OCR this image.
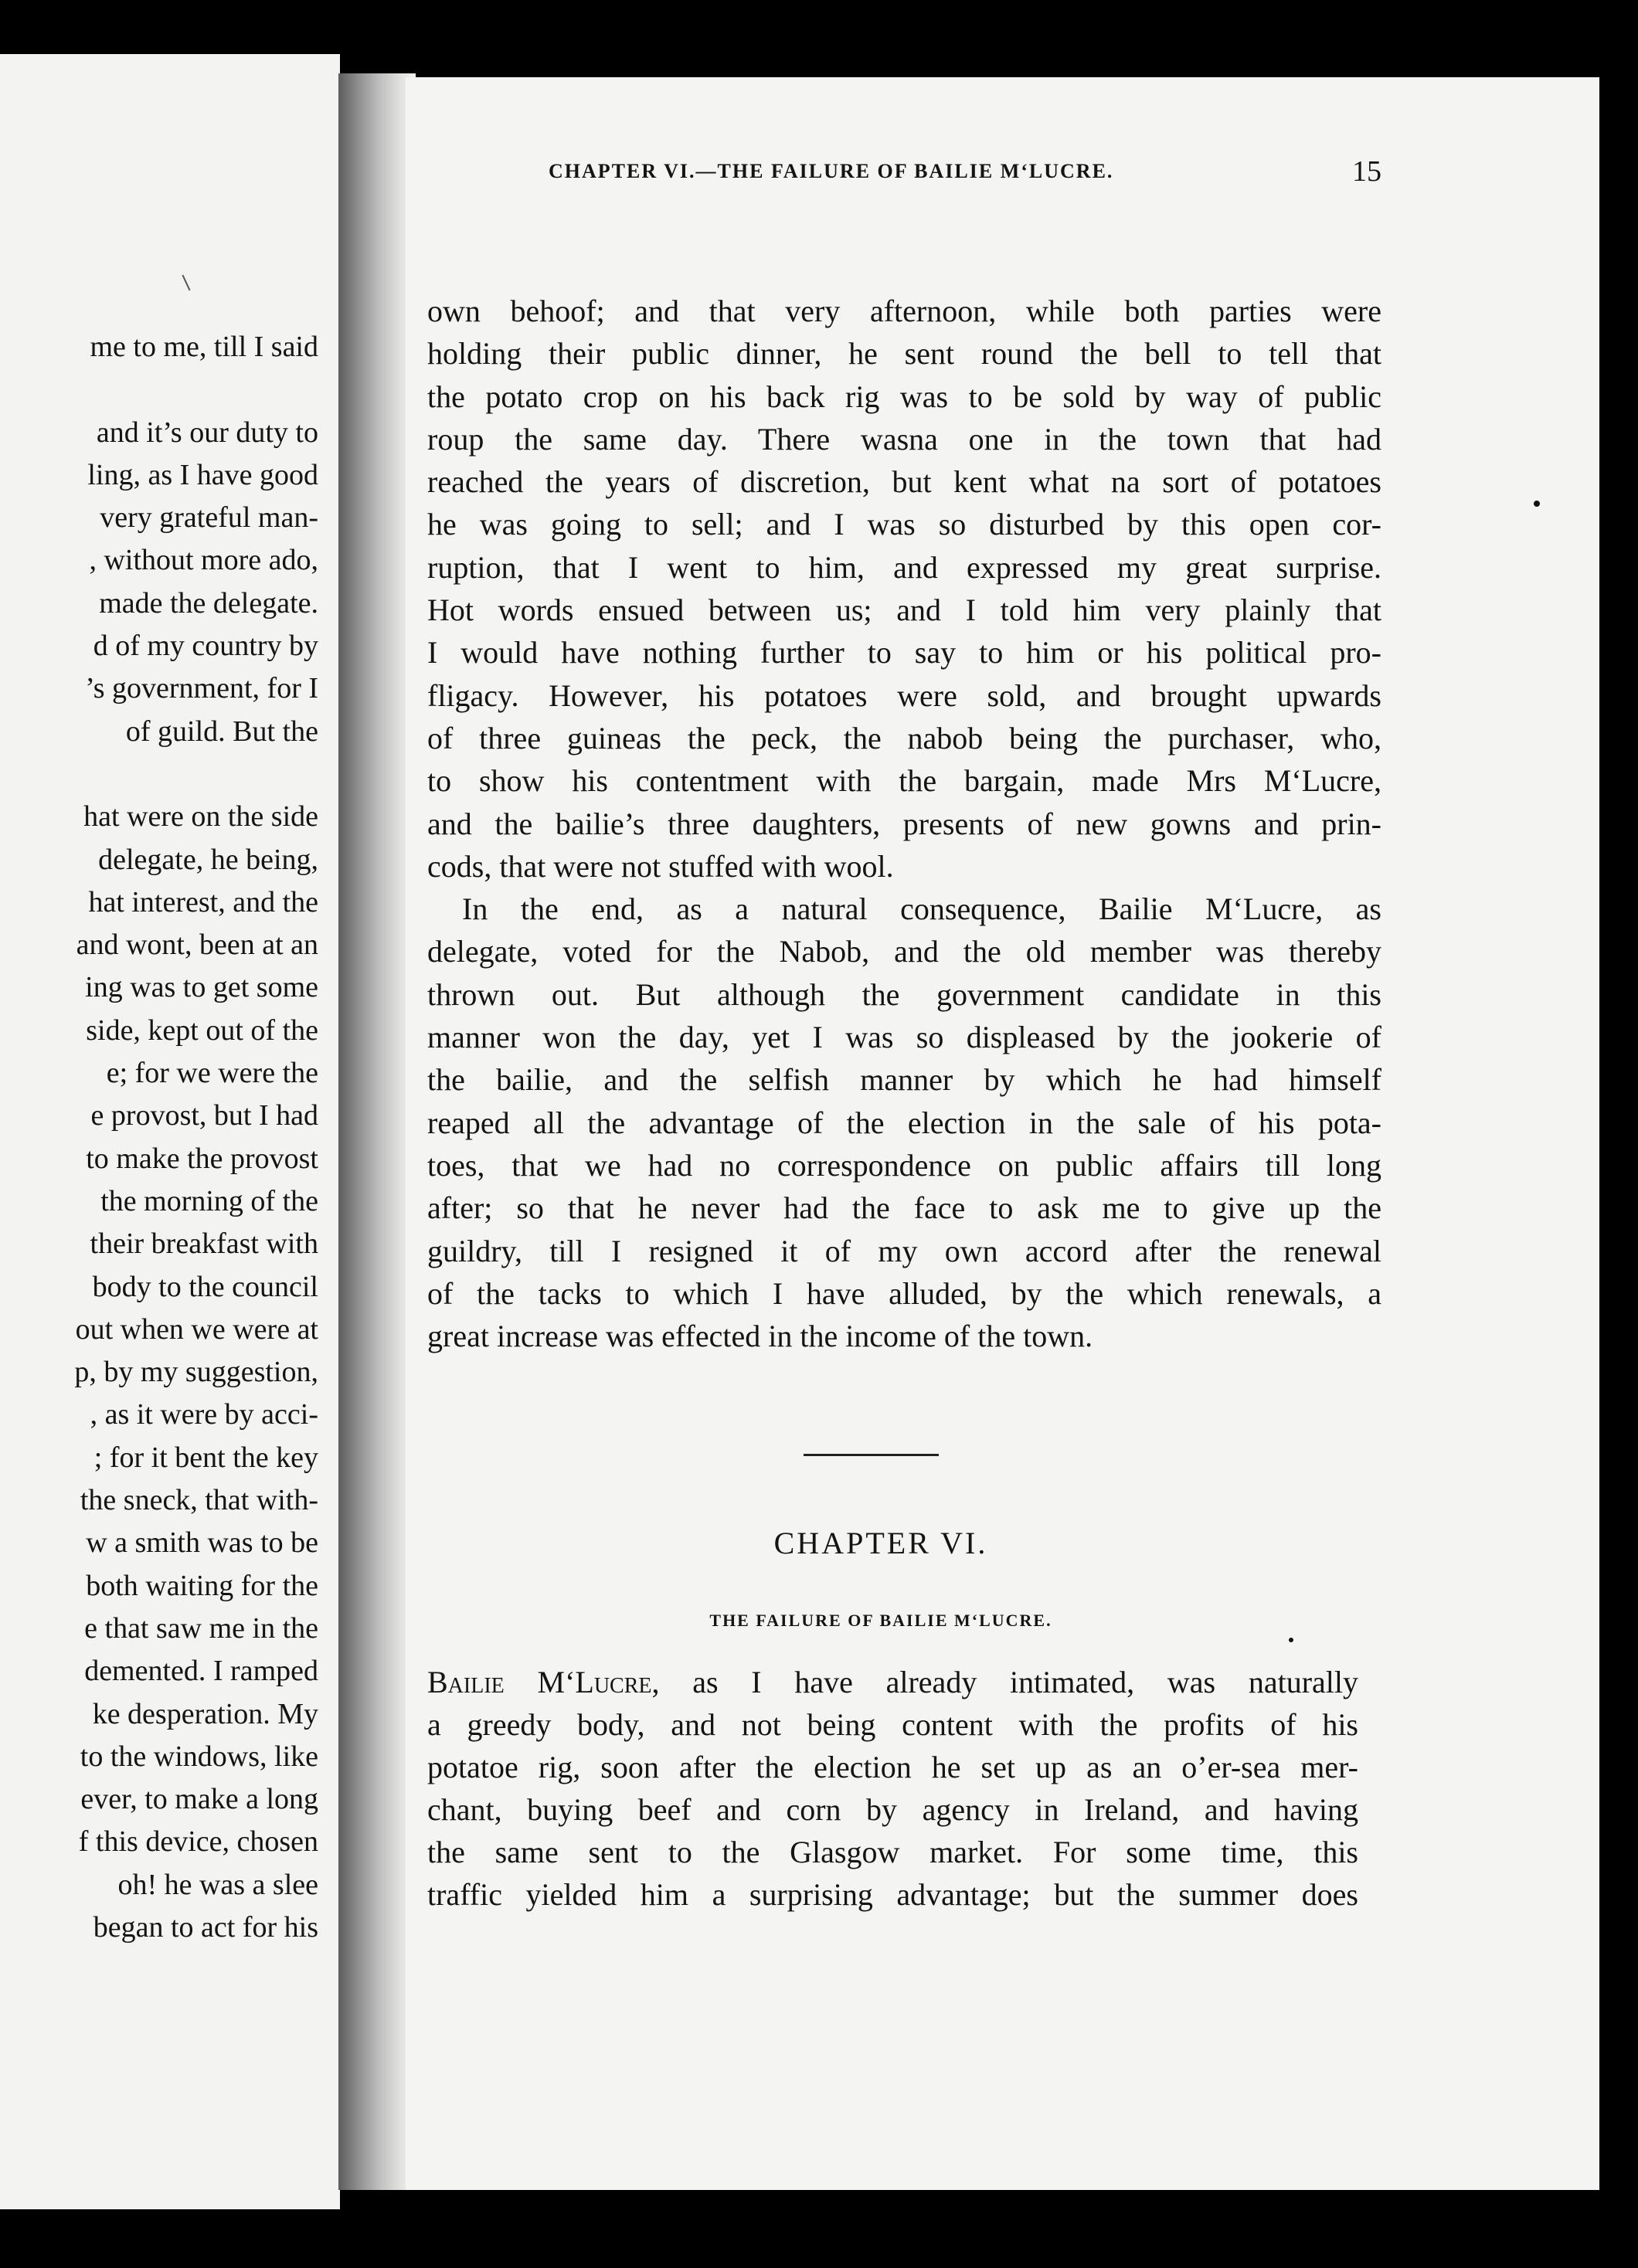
me to me, till I said
and it’s our duty to
ling, as I have good
very grateful man-
, without more ado,
made the delegate.
d of my country by
’s government, for I
of guild. But the
hat were on the side
delegate, he being,
hat interest, and the
and wont, been at an
ing was to get some
side, kept out of the
e; for we were the
e provost, but I had
to make the provost
the morning of the
their breakfast with
body to the council
out when we were at
p, by my suggestion,
, as it were by acci-
; for it bent the key
the sneck, that with-
w a smith was to be
both waiting for the
e that saw me in the
demented. I ramped
ke desperation. My
to the windows, like
ever, to make a long
f this device, chosen
oh! he was a slee
began to act for his
CHAPTER VI.—THE FAILURE OF BAILIE M‘LUCRE.	15
own behoof; and that very afternoon, while both parties were
holding their public dinner, he sent round the bell to tell that
the potato crop on his back rig was to be sold by way of public
roup the same day. There wasna one in the town that had
reached the years of discretion, but kent what na sort of potatoes
he was going to sell; and I was so disturbed by this open cor-
ruption, that I went to him, and expressed my great surprise.
Hot words ensued between us; and I told him very plainly that
I would have nothing further to say to him or his political pro-
fligacy. However, his potatoes were sold, and brought upwards
of three guineas the peck, the nabob being the purchaser, who,
to show his contentment with the bargain, made Mrs M‘Lucre,
and the bailie’s three daughters, presents of new gowns and prin-
cods, that were not stuffed with wool.
In the end, as a natural consequence, Bailie M‘Lucre, as
delegate, voted for the Nabob, and the old member was thereby
thrown out. But although the government candidate in this
manner won the day, yet I was so displeased by the jookerie of
the bailie, and the selfish manner by which he had himself
reaped all the advantage of the election in the sale of his pota-
toes, that we had no correspondence on public affairs till long
after; so that he never had the face to ask me to give up the
guildry, till I resigned it of my own accord after the renewal
of the tacks to which I have alluded, by the which renewals, a
great increase was effected in the income of the town.
CHAPTER VI.
THE FAILURE OF BAILIE M‘LUCRE.
Bailie M‘Lucre, as I have already intimated, was naturally
a greedy body, and not being content with the profits of his
potatoe rig, soon after the election he set up as an o’er-sea mer-
chant, buying beef and corn by agency in Ireland, and having
the same sent to the Glasgow market. For some time, this
traffic yielded him a surprising advantage; but the summer does
